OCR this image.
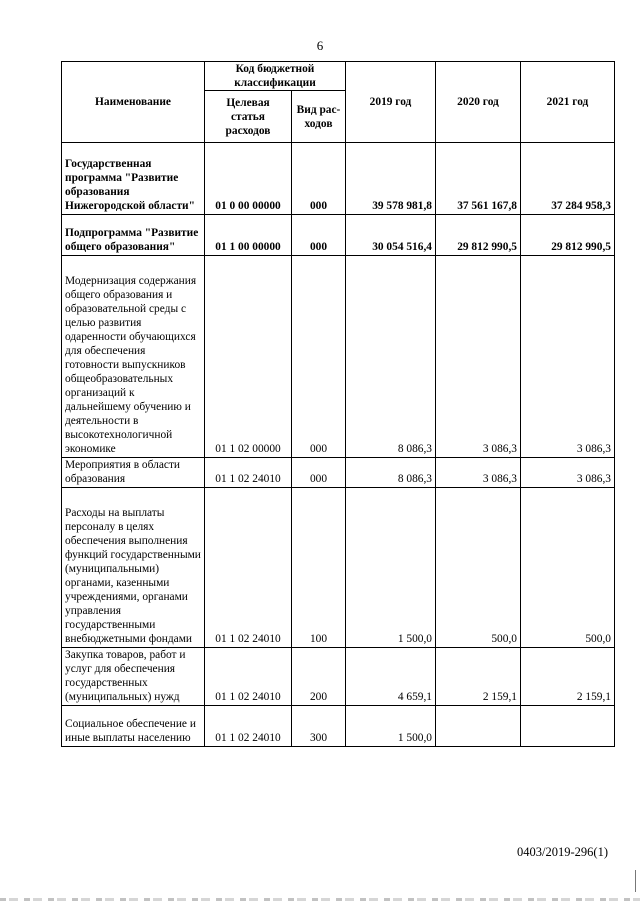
6
Наименование	Код бюджетной классификации		2019 год	2020 год	2021 год
	Целевая статья расходов	Вид рас-ходов			
Государственная программа "Развитие образования Нижегородской области"	01 0 00 00000	000	39 578 981,8	37 561 167,8	37 284 958,3
Подпрограмма "Развитие общего образования"	01 1 00 00000	000	30 054 516,4	29 812 990,5	29 812 990,5
Модернизация содержания общего образования и образовательной среды с целью развития одаренности обучающихся для обеспечения готовности выпускников общеобразовательных организаций к дальнейшему обучению и деятельности в высокотехнологичной экономике	01 1 02 00000	000	8 086,3	3 086,3	3 086,3
Мероприятия в области образования	01 1 02 24010	000	8 086,3	3 086,3	3 086,3
Расходы на выплаты персоналу в целях обеспечения выполнения функций государственными (муниципальными) органами, казенными учреждениями, органами управления государственными внебюджетными фондами	01 1 02 24010	100	1 500,0	500,0	500,0
Закупка товаров, работ и услуг для обеспечения государственных (муниципальных) нужд	01 1 02 24010	200	4 659,1	2 159,1	2 159,1
Социальное обеспечение и иные выплаты населению	01 1 02 24010	300	1 500,0		
0403/2019-296(1)
